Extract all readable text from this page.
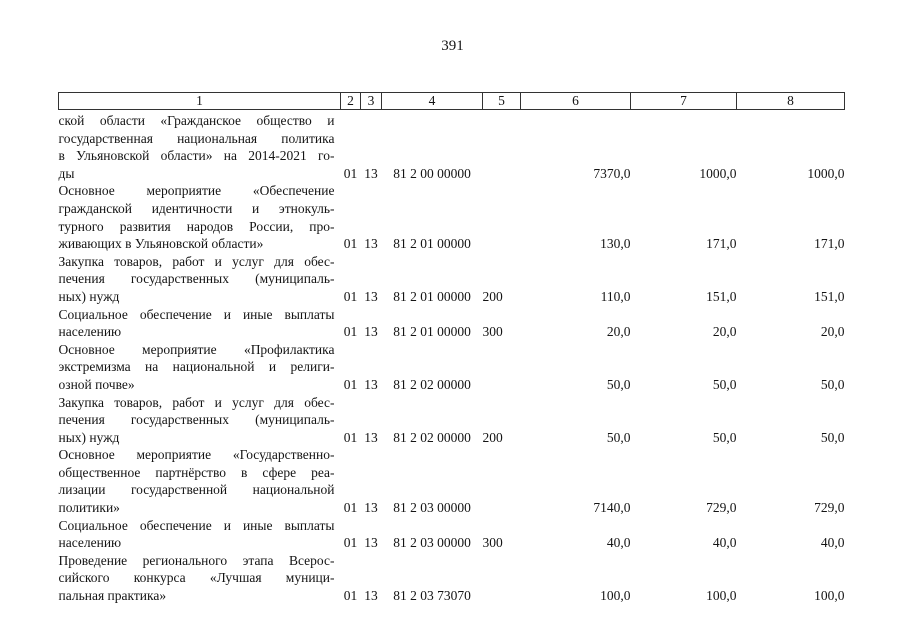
391
1	2	3	4	5	6	7	8

ской области «Гражданское общество и
государственная национальная политика
в Ульяновской области» на 2014-2021 го-
ды	01	13	81 2 00 00000		7370,0	1000,0	1000,0

Основное мероприятие «Обеспечение
гражданской идентичности и этнокуль-
турного развития народов России, про-
живающих в Ульяновской области»	01	13	81 2 01 00000		130,0	171,0	171,0

Закупка товаров, работ и услуг для обес-
печения государственных (муниципаль-
ных) нужд	01	13	81 2 01 00000	200	110,0	151,0	151,0

Социальное обеспечение и иные выплаты
населению	01	13	81 2 01 00000	300	20,0	20,0	20,0

Основное мероприятие «Профилактика
экстремизма на национальной и религи-
озной почве»	01	13	81 2 02 00000		50,0	50,0	50,0

Закупка товаров, работ и услуг для обес-
печения государственных (муниципаль-
ных) нужд	01	13	81 2 02 00000	200	50,0	50,0	50,0

Основное мероприятие «Государственно-
общественное партнёрство в сфере реа-
лизации государственной национальной
политики»	01	13	81 2 03 00000		7140,0	729,0	729,0

Социальное обеспечение и иные выплаты
населению	01	13	81 2 03 00000	300	40,0	40,0	40,0

Проведение регионального этапа Всерос-
сийского конкурса «Лучшая муници-
пальная практика»	01	13	81 2 03 73070		100,0	100,0	100,0
